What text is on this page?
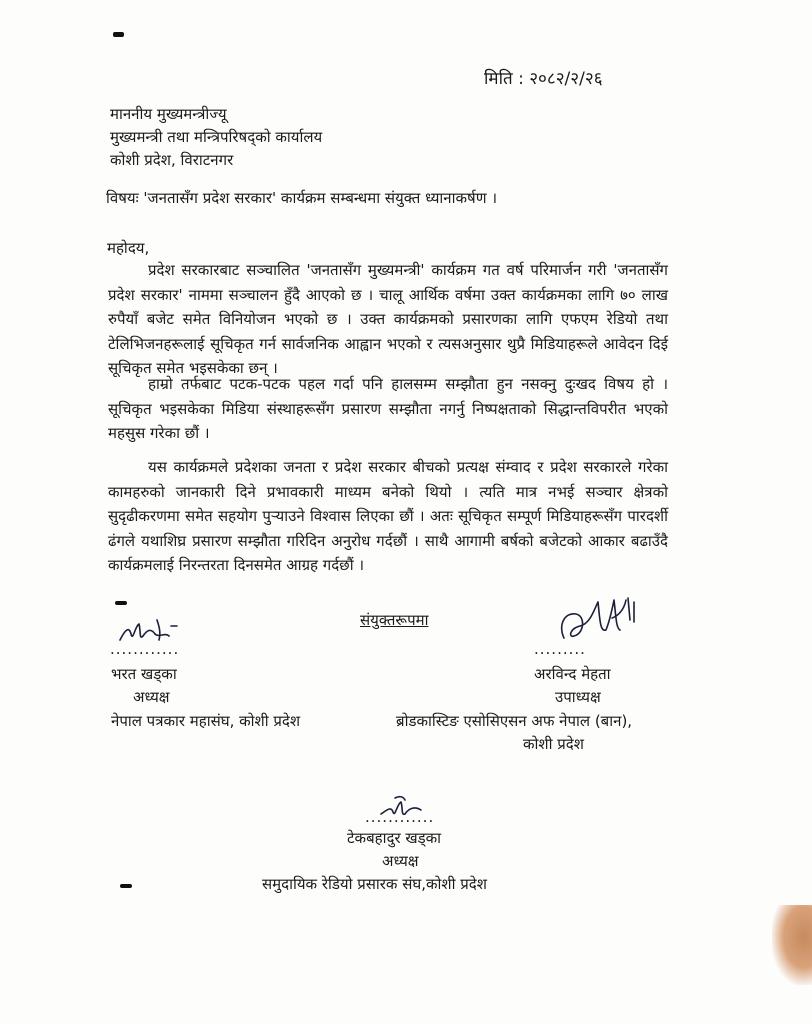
मिति : २०८२/२/२६
माननीय मुख्यमन्त्रीज्यू
मुख्यमन्त्री तथा मन्त्रिपरिषद्को कार्यालय
कोशी प्रदेश, विराटनगर
विषयः 'जनतासँग प्रदेश सरकार' कार्यक्रम सम्बन्धमा संयुक्त ध्यानाकर्षण ।
महोदय,
प्रदेश सरकारबाट सञ्चालित 'जनतासँग मुख्यमन्त्री' कार्यक्रम गत वर्ष परिमार्जन गरी 'जनतासँग प्रदेश सरकार' नाममा सञ्चालन हुँदै आएको छ । चालू आर्थिक वर्षमा उक्त कार्यक्रमका लागि ७० लाख रुपैयाँ बजेट समेत विनियोजन भएको छ । उक्त कार्यक्रमको प्रसारणका लागि एफएम रेडियो तथा टेलिभिजनहरूलाई सूचिकृत गर्न सार्वजनिक आह्वान भएको र त्यसअनुसार थुप्रै मिडियाहरूले आवेदन दिई सूचिकृत समेत भइसकेका छन् ।
हाम्रो तर्फबाट पटक-पटक पहल गर्दा पनि हालसम्म सम्झौता हुन नसक्नु दुःखद विषय हो । सूचिकृत भइसकेका मिडिया संस्थाहरूसँग प्रसारण सम्झौता नगर्नु निष्पक्षताको सिद्धान्तविपरीत भएको महसुस गरेका छौं ।
यस कार्यक्रमले प्रदेशका जनता र प्रदेश सरकार बीचको प्रत्यक्ष संम्वाद र प्रदेश सरकारले गरेका कामहरुको जानकारी दिने प्रभावकारी माध्यम बनेको थियो । त्यति मात्र नभई सञ्चार क्षेत्रको सुदृढीकरणमा समेत सहयोग पुऱ्याउने विश्वास लिएका छौं । अतः सूचिकृत सम्पूर्ण मिडियाहरूसँग पारदर्शी ढंगले यथाशिघ्र प्रसारण सम्झौता गरिदिन अनुरोध गर्दछौं । साथै आगामी बर्षको बजेटको आकार बढाउँदै कार्यक्रमलाई निरन्तरता दिनसमेत आग्रह गर्दछौं ।
संयुक्तरूपमा
............
भरत खड्का
अध्यक्ष
नेपाल पत्रकार महासंघ, कोशी प्रदेश
.........
अरविन्द मेहता
उपाध्यक्ष
ब्रोडकास्टिङ एसोसिएसन अफ नेपाल (बान),
कोशी प्रदेश
............
टेकबहादुर खड्का
अध्यक्ष
समुदायिक रेडियो प्रसारक संघ,कोशी प्रदेश
